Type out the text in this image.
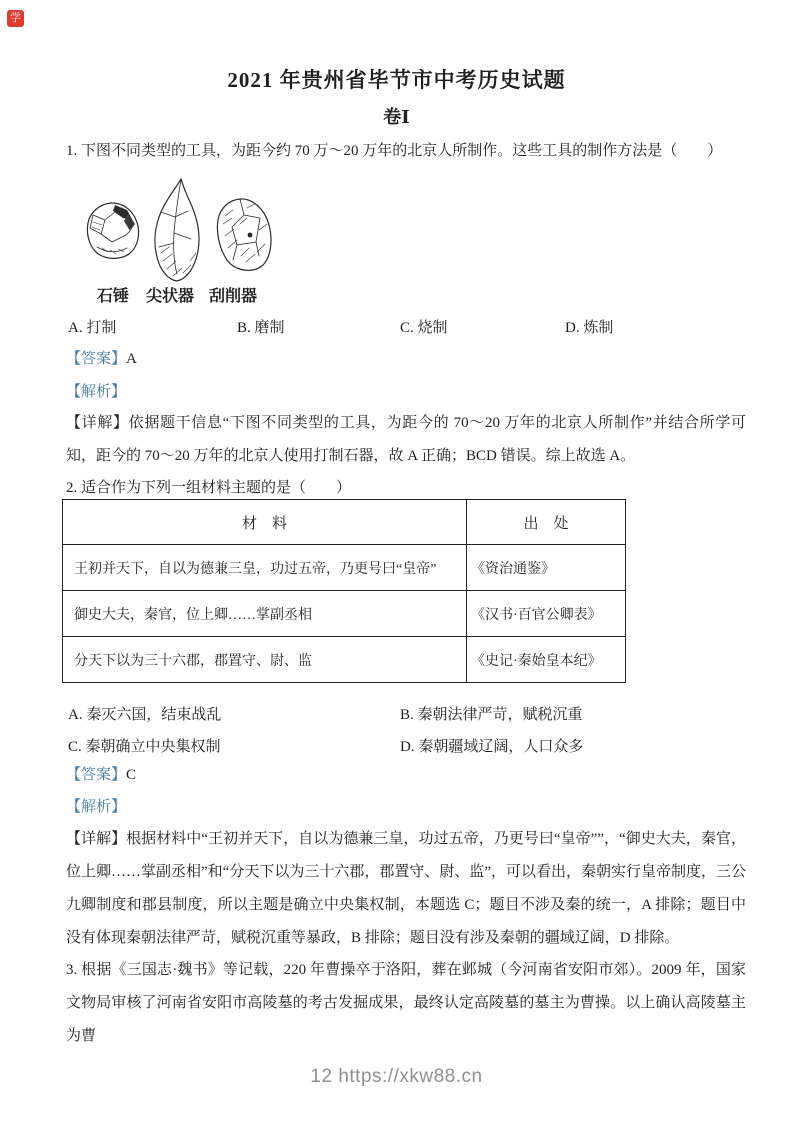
学
2021 年贵州省毕节市中考历史试题
卷Ⅰ
1. 下图不同类型的工具，为距今约 70 万～20 万年的北京人所制作。这些工具的制作方法是（　　）
石锤 尖状器 刮削器
A. 打制	B. 磨制	C. 烧制	D. 炼制
【答案】A
【解析】
【详解】依据题干信息“下图不同类型的工具，为距今的 70～20 万年的北京人所制作”并结合所学可知，距今的 70～20 万年的北京人使用打制石器，故 A 正确；BCD 错误。综上故选 A。
2. 适合作为下列一组材料主题的是（　　）
材　料	出　处
王初并天下，自以为德兼三皇，功过五帝，乃更号曰“皇帝”	《资治通鉴》
御史大夫，秦官，位上卿……掌副丞相	《汉书·百官公卿表》
分天下以为三十六郡，郡置守、尉、监	《史记·秦始皇本纪》
A. 秦灭六国，结束战乱	B. 秦朝法律严苛，赋税沉重
C. 秦朝确立中央集权制	D. 秦朝疆域辽阔，人口众多
【答案】C
【解析】
【详解】根据材料中“王初并天下，自以为德兼三皇，功过五帝，乃更号曰“皇帝””，“御史大夫，秦官，位上卿……掌副丞相”和“分天下以为三十六郡，郡置守、尉、监”，可以看出，秦朝实行皇帝制度，三公九卿制度和郡县制度，所以主题是确立中央集权制，本题选 C；题目不涉及秦的统一，A 排除；题目中没有体现秦朝法律严苛，赋税沉重等暴政，B 排除；题目没有涉及秦朝的疆域辽阔，D 排除。
3. 根据《三国志·魏书》等记载，220 年曹操卒于洛阳，葬在邺城（今河南省安阳市郊）。2009 年，国家文物局审核了河南省安阳市高陵墓的考古发掘成果，最终认定高陵墓的墓主为曹操。以上确认高陵墓主为曹
12 https://xkw88.cn
